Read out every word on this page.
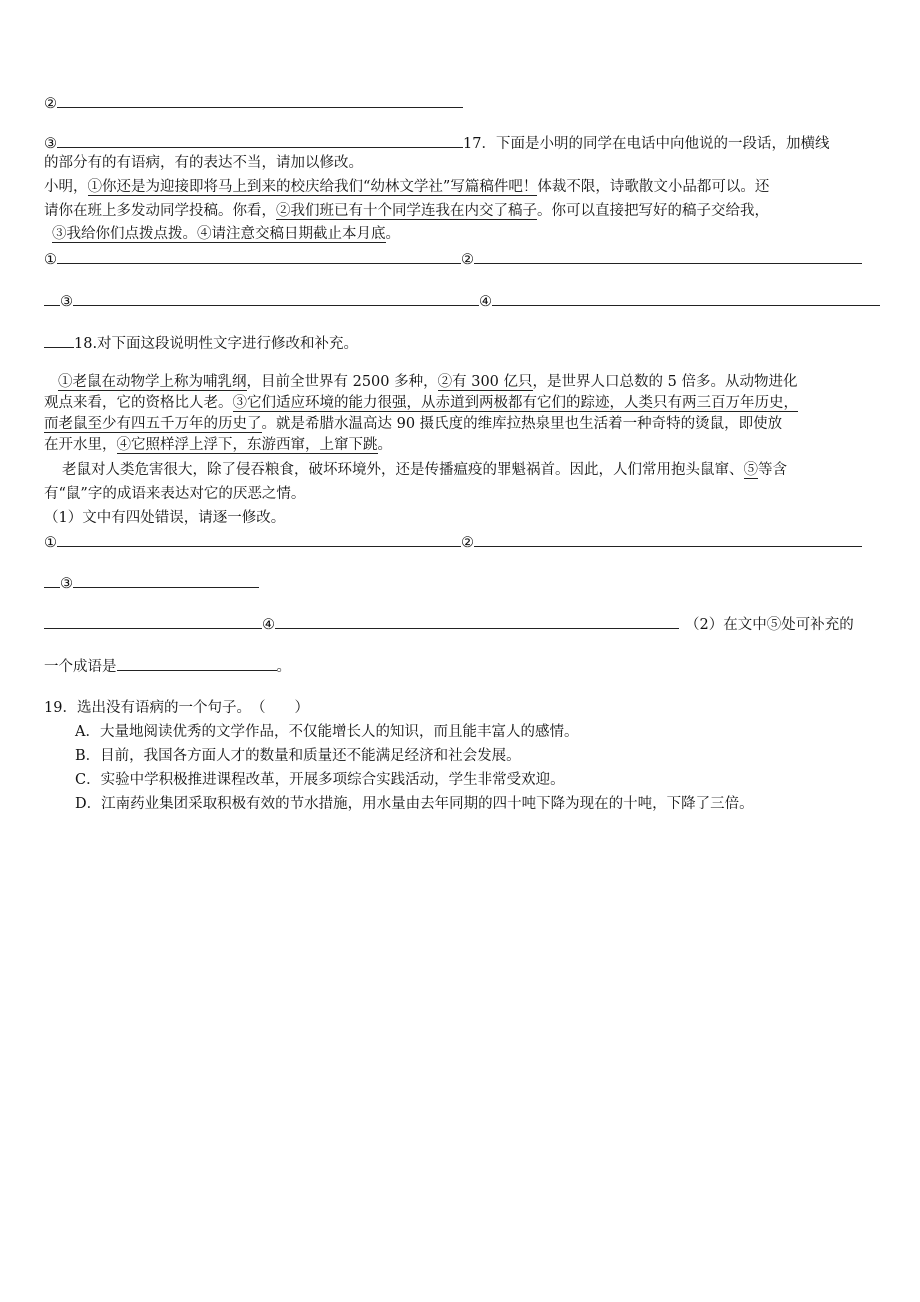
②
③	17．下面是小明的同学在电话中向他说的一段话，加横线
的部分有的有语病，有的表达不当，请加以修改。
小明，①你还是为迎接即将马上到来的校庆给我们“幼林文学社”写篇稿件吧！体裁不限，诗歌散文小品都可以。还
请你在班上多发动同学投稿。你看，②我们班已有十个同学连我在内交了稿子。你可以直接把写好的稿子交给我，
③我给你们点拨点拨。④请注意交稿日期截止本月底。
①	②
③	④
18.对下面这段说明性文字进行修改和补充。
①老鼠在动物学上称为哺乳纲，目前全世界有 2500 多种，②有 300 亿只，是世界人口总数的 5 倍多。从动物进化
观点来看，它的资格比人老。③它们适应环境的能力很强，从赤道到两极都有它们的踪迹，人类只有两三百万年历史，
而老鼠至少有四五千万年的历史了。就是希腊水温高达 90 摄氏度的维库拉热泉里也生活着一种奇特的烫鼠，即使放
在开水里，④它照样浮上浮下，东游西窜，上窜下跳。
老鼠对人类危害很大，除了侵吞粮食，破坏环境外，还是传播瘟疫的罪魁祸首。因此，人们常用抱头鼠窜、⑤等含
有“鼠”字的成语来表达对它的厌恶之情。
（1）文中有四处错误，请逐一修改。
①	②
③
④	（2）在文中⑤处可补充的
一个成语是	。
19．选出没有语病的一个句子。　（　　）
A．大量地阅读优秀的文学作品，不仅能增长人的知识，而且能丰富人的感情。
B．目前，我国各方面人才的数量和质量还不能满足经济和社会发展。
C．实验中学积极推进课程改革，开展多项综合实践活动，学生非常受欢迎。
D．江南药业集团采取积极有效的节水措施，用水量由去年同期的四十吨下降为现在的十吨，下降了三倍。
